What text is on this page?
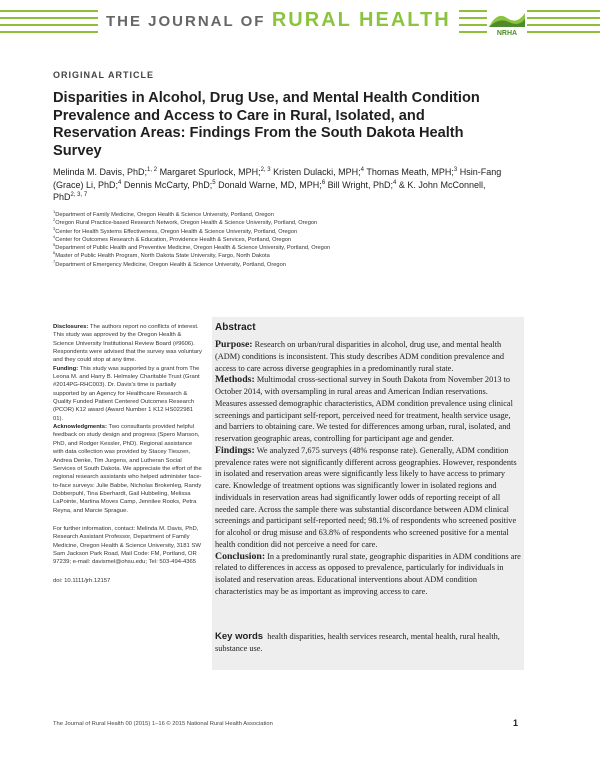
THE JOURNAL OF RURAL HEALTH
NRHA
ORIGINAL ARTICLE
Disparities in Alcohol, Drug Use, and Mental Health Condition Prevalence and Access to Care in Rural, Isolated, and Reservation Areas: Findings From the South Dakota Health Survey
Melinda M. Davis, PhD;$^{1, 2}$ Margaret Spurlock, MPH;$^{2, 3}$ Kristen Dulacki, MPH;$^4$ Thomas Meath, MPH;$^3$ Hsin-Fang (Grace) Li, PhD;$^4$ Dennis McCarty, PhD;$^5$ Donald Warne, MD, MPH;$^6$ Bill Wright, PhD;$^4$ & K. John McConnell, PhD$^{2, 3, 7}$
$^1$Department of Family Medicine, Oregon Health & Science University, Portland, Oregon
$^2$Oregon Rural Practice-based Research Network, Oregon Health & Science University, Portland, Oregon
$^3$Center for Health Systems Effectiveness, Oregon Health & Science University, Portland, Oregon
$^4$Center for Outcomes Research & Education, Providence Health & Services, Portland, Oregon
$^5$Department of Public Health and Preventive Medicine, Oregon Health & Science University, Portland, Oregon
$^6$Master of Public Health Program, North Dakota State University, Fargo, North Dakota
$^7$Department of Emergency Medicine, Oregon Health & Science University, Portland, Oregon

Disclosures: The authors report no conflicts of interest. This study was approved by the Oregon Health & Science University Institutional Review Board (#9606). Respondents were advised that the survey was voluntary and they could stop at any time.

Funding: This study was supported by a grant from The Leona M. and Harry B. Helmsley Charitable Trust (Grant #2014PG-RHC003). Dr. Davis's time is partially supported by an Agency for Healthcare Research & Quality Funded Patient Centered Outcomes Research (PCOR) K12 award (Award Number 1 K12 HS022981 01).

Acknowledgments: Two consultants provided helpful feedback on study design and progress (Spero Manson, PhD, and Rodger Kessler, PhD). Regional assistance with data collection was provided by Stacey Tieszen, Andrea Denke, Tim Jurgens, and Lutheran Social Services of South Dakota. We appreciate the effort of the regional research assistants who helped administer face-to-face surveys: Julie Babbe, Nicholas Brokenleg, Randy Dobberpuhl, Tina Eberhardt, Gail Hubbeling, Melissa LaPointe, Martina Moves Camp, Jennilee Rooks, Petra Reyna, and Marcie Sprague.

For further information, contact: Melinda M. Davis, PhD, Research Assistant Professor, Department of Family Medicine, Oregon Health & Science University, 3181 SW Sam Jackson Park Road, Mail Code: FM, Portland, OR 97239; e-mail: davismel@ohsu.edu; Tel: 503-494-4365

doi: 10.1111/jrh.12157

Abstract
Purpose: Research on urban/rural disparities in alcohol, drug use, and mental health (ADM) conditions is inconsistent. This study describes ADM condition prevalence and access to care across diverse geographies in a predominantly rural state.
Methods: Multimodal cross-sectional survey in South Dakota from November 2013 to October 2014, with oversampling in rural areas and American Indian reservations. Measures assessed demographic characteristics, ADM condition prevalence using clinical screenings and participant self-report, perceived need for treatment, health service usage, and barriers to obtaining care. We tested for differences among urban, rural, isolated, and reservation geographic areas, controlling for participant age and gender.
Findings: We analyzed 7,675 surveys (48% response rate). Generally, ADM condition prevalence rates were not significantly different across geographies. However, respondents in isolated and reservation areas were significantly less likely to have access to primary care. Knowledge of treatment options was significantly lower in isolated regions and individuals in reservation areas had significantly lower odds of reporting receipt of all needed care. Across the sample there was substantial discordance between ADM clinical screenings and participant self-reported need; 98.1% of respondents who screened positive for alcohol or drug misuse and 63.8% of respondents who screened positive for a mental health condition did not perceive a need for care.
Conclusion: In a predominantly rural state, geographic disparities in ADM conditions are related to differences in access as opposed to prevalence, particularly for individuals in isolated and reservation areas. Educational interventions about ADM condition characteristics may be as important as improving access to care.
Key words health disparities, health services research, mental health, rural health, substance use.
The Journal of Rural Health 00 (2015) 1–16 © 2015 National Rural Health Association	1
